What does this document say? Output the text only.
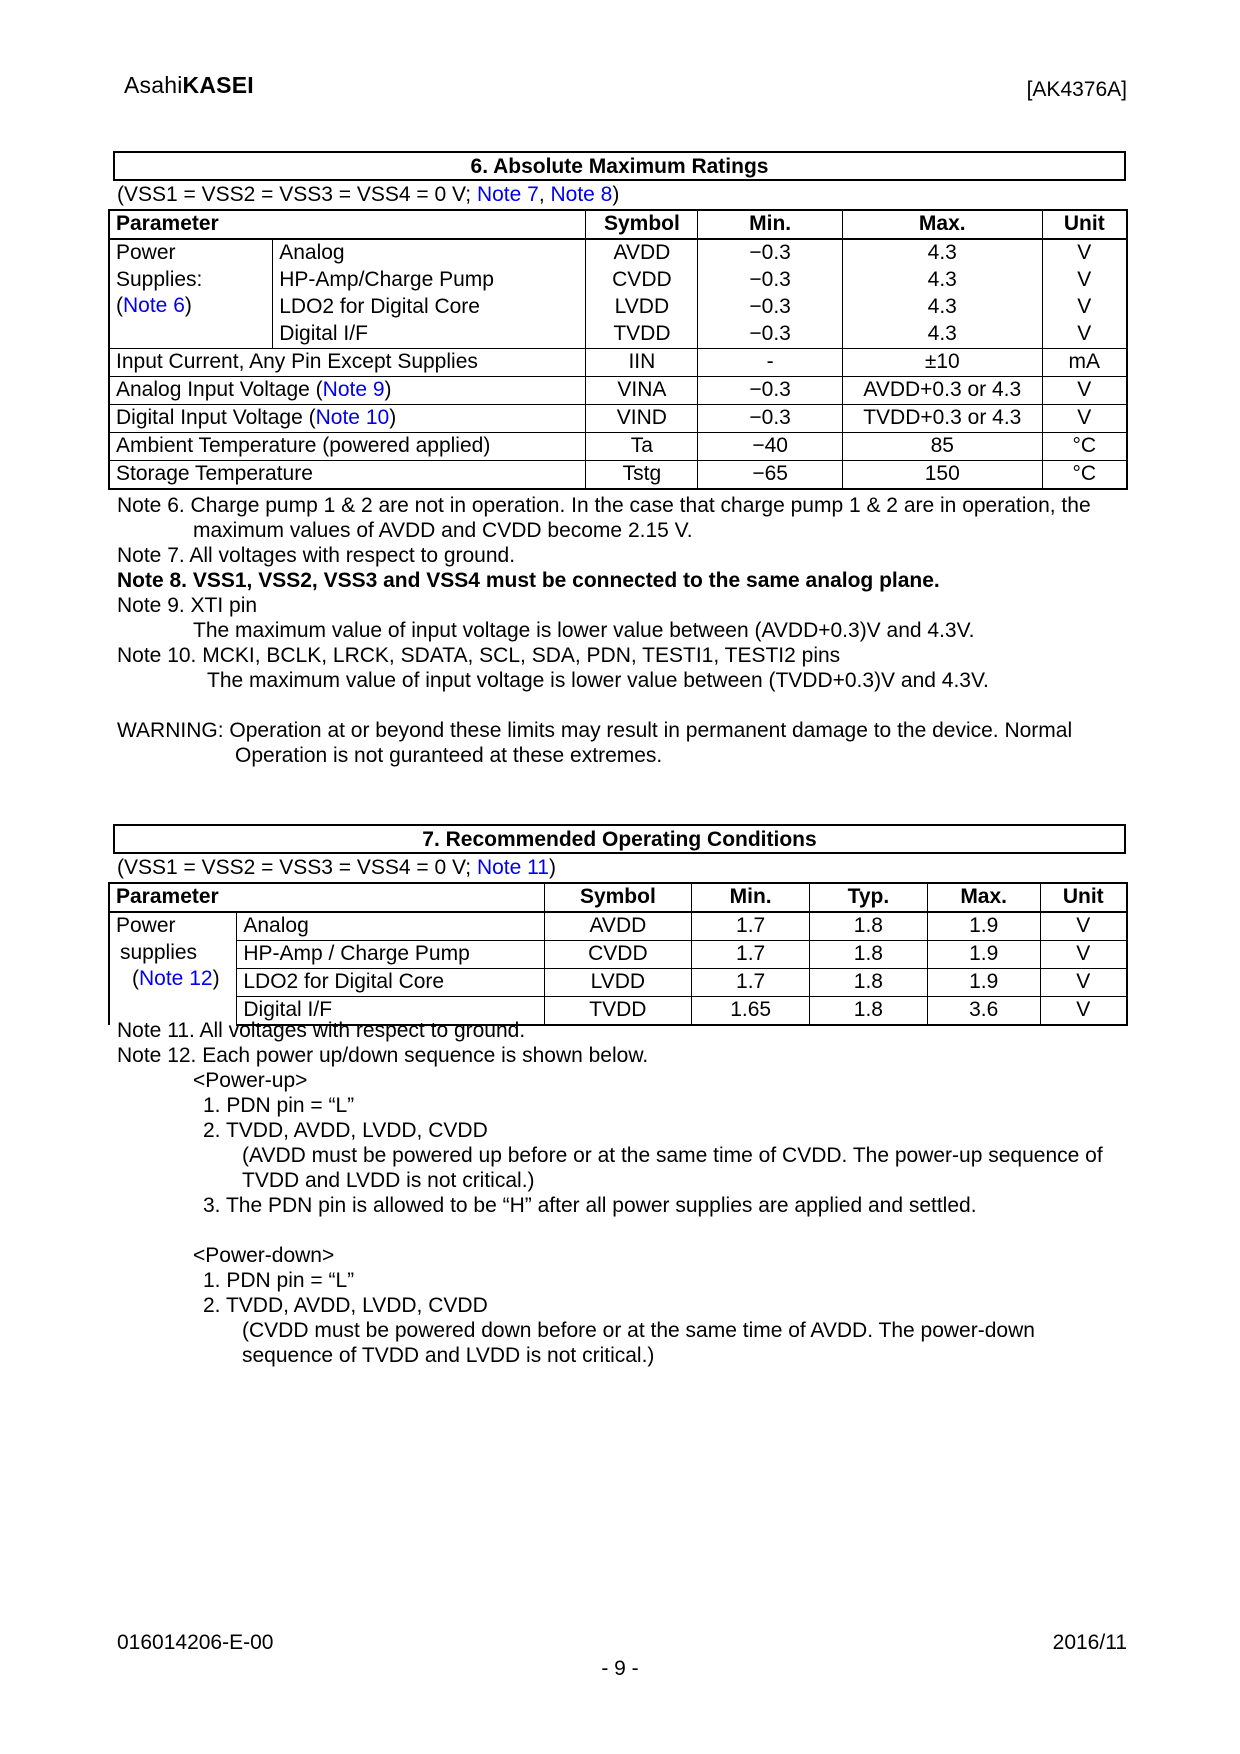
AsahiKASEI	[AK4376A]
6. Absolute Maximum Ratings
(VSS1 = VSS2 = VSS3 = VSS4 = 0 V; Note 7, Note 8)
Parameter		Symbol	Min.	Max.	Unit

Power
Supplies:
(Note 6)	Analog	AVDD	−0.3	4.3	V
	HP-Amp/Charge Pump	CVDD	−0.3	4.3	V
	LDO2 for Digital Core	LVDD	−0.3	4.3	V
	Digital I/F	TVDD	−0.3	4.3	V
Input Current, Any Pin Except Supplies		IIN	-	±10	mA
Analog Input Voltage (Note 9)		VINA	−0.3	AVDD+0.3 or 4.3	V
Digital Input Voltage (Note 10)		VIND	−0.3	TVDD+0.3 or 4.3	V
Ambient Temperature (powered applied)		Ta	−40	85	°C
Storage Temperature		Tstg	−65	150	°C

Note 6. Charge pump 1 & 2 are not in operation. In the case that charge pump 1 & 2 are in operation, the

maximum values of AVDD and CVDD become 2.15 V.

Note 7. All voltages with respect to ground.

Note 8. VSS1, VSS2, VSS3 and VSS4 must be connected to the same analog plane.

Note 9. XTI pin

The maximum value of input voltage is lower value between (AVDD+0.3)V and 4.3V.

Note 10. MCKI, BCLK, LRCK, SDATA, SCL, SDA, PDN, TESTI1, TESTI2 pins

The maximum value of input voltage is lower value between (TVDD+0.3)V and 4.3V.

WARNING: Operation at or beyond these limits may result in permanent damage to the device. Normal

Operation is not guranteed at these extremes.

7. Recommended Operating Conditions
(VSS1 = VSS2 = VSS3 = VSS4 = 0 V; Note 11)
Parameter		Symbol	Min.	Typ.	Max.	Unit

Power
supplies
(Note 12)	Analog	AVDD	1.7	1.8	1.9	V
	HP-Amp / Charge Pump	CVDD	1.7	1.8	1.9	V
	LDO2 for Digital Core	LVDD	1.7	1.8	1.9	V
	Digital I/F	TVDD	1.65	1.8	3.6	V

Note 11. All voltages with respect to ground.

Note 12. Each power up/down sequence is shown below.

<Power-up>

1. PDN pin = “L”

2. TVDD, AVDD, LVDD, CVDD

(AVDD must be powered up before or at the same time of CVDD. The power-up sequence of

TVDD and LVDD is not critical.)

3. The PDN pin is allowed to be “H” after all power supplies are applied and settled.

<Power-down>

1. PDN pin = “L”

2. TVDD, AVDD, LVDD, CVDD

(CVDD must be powered down before or at the same time of AVDD. The power-down

sequence of TVDD and LVDD is not critical.)

016014206-E-00	2016/11
- 9 -
